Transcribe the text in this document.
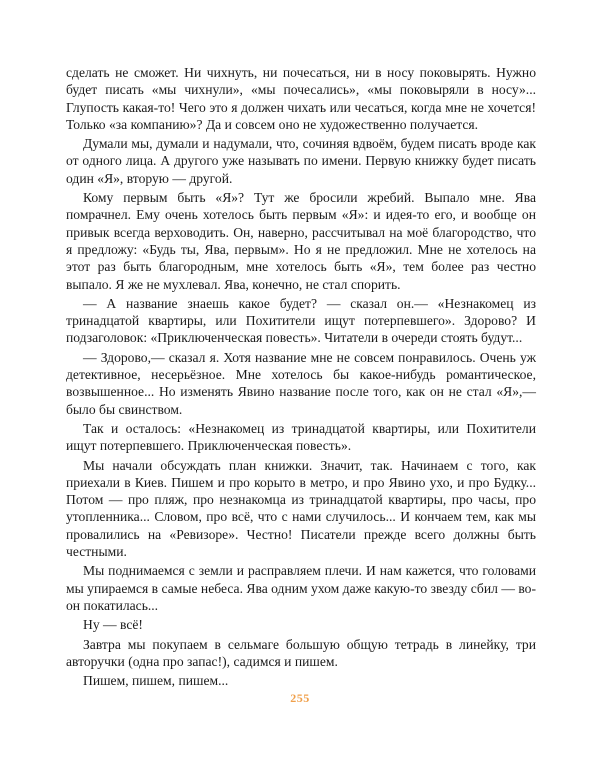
сделать не сможет. Ни чихнуть, ни почесаться, ни в носу поковырять. Нужно будет писать «мы чихнули», «мы почесались», «мы поковыряли в носу»... Глупость какая-то! Чего это я должен чихать или чесаться, когда мне не хочется! Только «за компанию»? Да и совсем оно не художественно получается.

Думали мы, думали и надумали, что, сочиняя вдвоём, будем писать вроде как от одного лица. А другого уже называть по имени. Первую книжку будет писать один «Я», вторую — другой.

Кому первым быть «Я»? Тут же бросили жребий. Выпало мне. Ява помрачнел. Ему очень хотелось быть первым «Я»: и идея-то его, и вообще он привык всегда верховодить. Он, наверно, рассчитывал на моё благородство, что я предложу: «Будь ты, Ява, первым». Но я не предложил. Мне не хотелось на этот раз быть благородным, мне хотелось быть «Я», тем более раз честно выпало. Я же не мухлевал. Ява, конечно, не стал спорить.

— А название знаешь какое будет? — сказал он.— «Незнакомец из тринадцатой квартиры, или Похитители ищут потерпевшего». Здорово? И подзаголовок: «Приключенческая повесть». Читатели в очереди стоять будут...

— Здорово,— сказал я. Хотя название мне не совсем понравилось. Очень уж детективное, несерьёзное. Мне хотелось бы какое-нибудь романтическое, возвышенное... Но изменять Явино название после того, как он не стал «Я»,— было бы свинством.

Так и осталось: «Незнакомец из тринадцатой квартиры, или Похитители ищут потерпевшего. Приключенческая повесть».

Мы начали обсуждать план книжки. Значит, так. Начинаем с того, как приехали в Киев. Пишем и про корыто в метро, и про Явино ухо, и про Будку... Потом — про пляж, про незнакомца из тринадцатой квартиры, про часы, про утопленника... Словом, про всё, что с нами случилось... И кончаем тем, как мы провалились на «Ревизоре». Честно! Писатели прежде всего должны быть честными.

Мы поднимаемся с земли и расправляем плечи. И нам кажется, что головами мы упираемся в самые небеса. Ява одним ухом даже какую-то звезду сбил — во-он покатилась...

Ну — всё!

Завтра мы покупаем в сельмаге большую общую тетрадь в линейку, три авторучки (одна про запас!), садимся и пишем.

Пишем, пишем, пишем...

255
